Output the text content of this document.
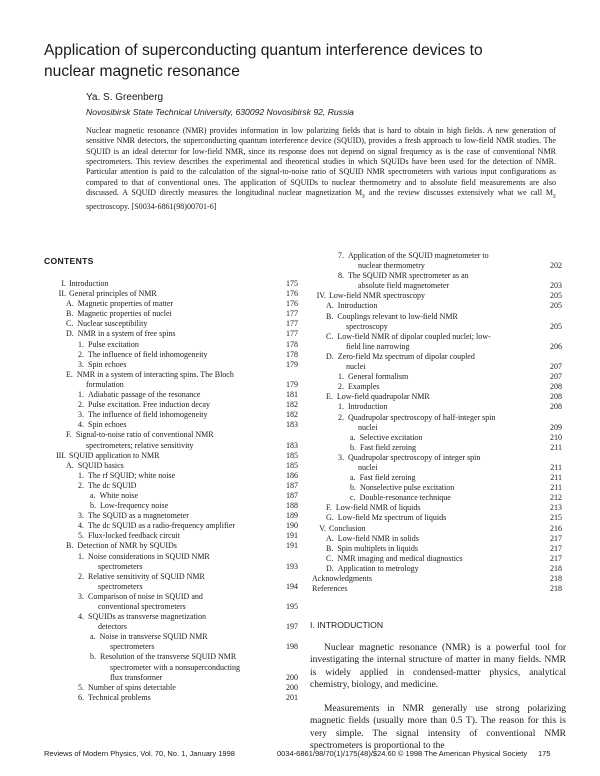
Application of superconducting quantum interference devices to
nuclear magnetic resonance
Ya. S. Greenberg
Novosibirsk State Technical University, 630092 Novosibirsk 92, Russia

Nuclear magnetic resonance (NMR) provides information in low polarizing fields that is hard to obtain in high fields. A new generation of sensitive NMR detectors, the superconducting quantum interference device (SQUID), provides a fresh approach to low-field NMR studies. The SQUID is an ideal detector for low-field NMR, since its response does not depend on signal frequency as is the case of conventional NMR spectrometers. This review describes the experimental and theoretical studies in which SQUIDs have been used for the detection of NMR. Particular attention is paid to the calculation of the signal-to-noise ratio of SQUID NMR spectrometers with various input configurations as compared to that of conventional ones. The application of SQUIDs to nuclear thermometry and to absolute field measurements are also discussed. A SQUID directly measures the longitudinal nuclear magnetization $M_z$ and the review discusses extensively what we call $M_z$ spectroscopy. [S0034-6861(98)00701-6]

CONTENTS
I. Introduction	175
II. General principles of NMR	176
A. Magnetic properties of matter	176
B. Magnetic properties of nuclei	177
C. Nuclear susceptibility	177
D. NMR in a system of free spins	177
1. Pulse excitation	178
2. The influence of field inhomogeneity	178
3. Spin echoes	179
E. NMR in a system of interacting spins. The Bloch
formulation	179
1. Adiabatic passage of the resonance	181
2. Pulse excitation. Free induction decay	182
3. The influence of field inhomogeneity	182
4. Spin echoes	183
F. Signal-to-noise ratio of conventional NMR
spectrometers; relative sensitivity	183
III. SQUID application to NMR	185
A. SQUID basics	185
1. The rf SQUID; white noise	186
2. The dc SQUID	187
a. White noise	187
b. Low-frequency noise	188
3. The SQUID as a magnetometer	189
4. The dc SQUID as a radio-frequency amplifier	190
5. Flux-locked feedback circuit	191
B. Detection of NMR by SQUIDs	191
1. Noise considerations in SQUID NMR
spectrometers	193
2. Relative sensitivity of SQUID NMR
spectrometers	194
3. Comparison of noise in SQUID and
conventional spectrometers	195
4. SQUIDs as transverse magnetization
detectors	197
a. Noise in transverse SQUID NMR
spectrometers	198
b. Resolution of the transverse SQUID NMR
spectrometer with a nonsuperconducting
flux transformer	200
5. Number of spins detectable	200
6. Technical problems	201
7. Application of the SQUID magnetometer to
nuclear thermometry	202
8. The SQUID NMR spectrometer as an
absolute field magnetometer	203
IV. Low-field NMR spectroscopy	205
A. Introduction	205
B. Couplings relevant to low-field NMR
spectroscopy	205
C. Low-field NMR of dipolar coupled nuclei; low-
field line narrowing	206
D. Zero-field Mz spectrum of dipolar coupled
nuclei	207
1. General formalism	207
2. Examples	208
E. Low-field quadrupolar NMR	208
1. Introduction	208
2. Quadrupolar spectroscopy of half-integer spin
nuclei	209
a. Selective excitation	210
b. Fast field zeroing	211
3. Quadrupolar spectroscopy of integer spin
nuclei	211
a. Fast field zeroing	211
b. Nonselective pulse excitation	211
c. Double-resonance technique	212
F. Low-field NMR of liquids	213
G. Low-field Mz spectrum of liquids	215
V. Conclusion	216
A. Low-field NMR in solids	217
B. Spin multiplets in liquids	217
C. NMR imaging and medical diagnostics	217
D. Application to metrology	218
Acknowledgments	218
References	218
I. INTRODUCTION

Nuclear magnetic resonance (NMR) is a powerful tool for investigating the internal structure of matter in many fields. NMR is widely applied in condensed-matter physics, analytical chemistry, biology, and medicine.

Measurements in NMR generally use strong polarizing magnetic fields (usually more than 0.5 T). The reason for this is very simple. The signal intensity of conventional NMR spectrometers is proportional to the

Reviews of Modern Physics, Vol. 70, No. 1, January 1998	0034-6861/98/70(1)/175(48)/$24.60 © 1998 The American Physical Society 175
